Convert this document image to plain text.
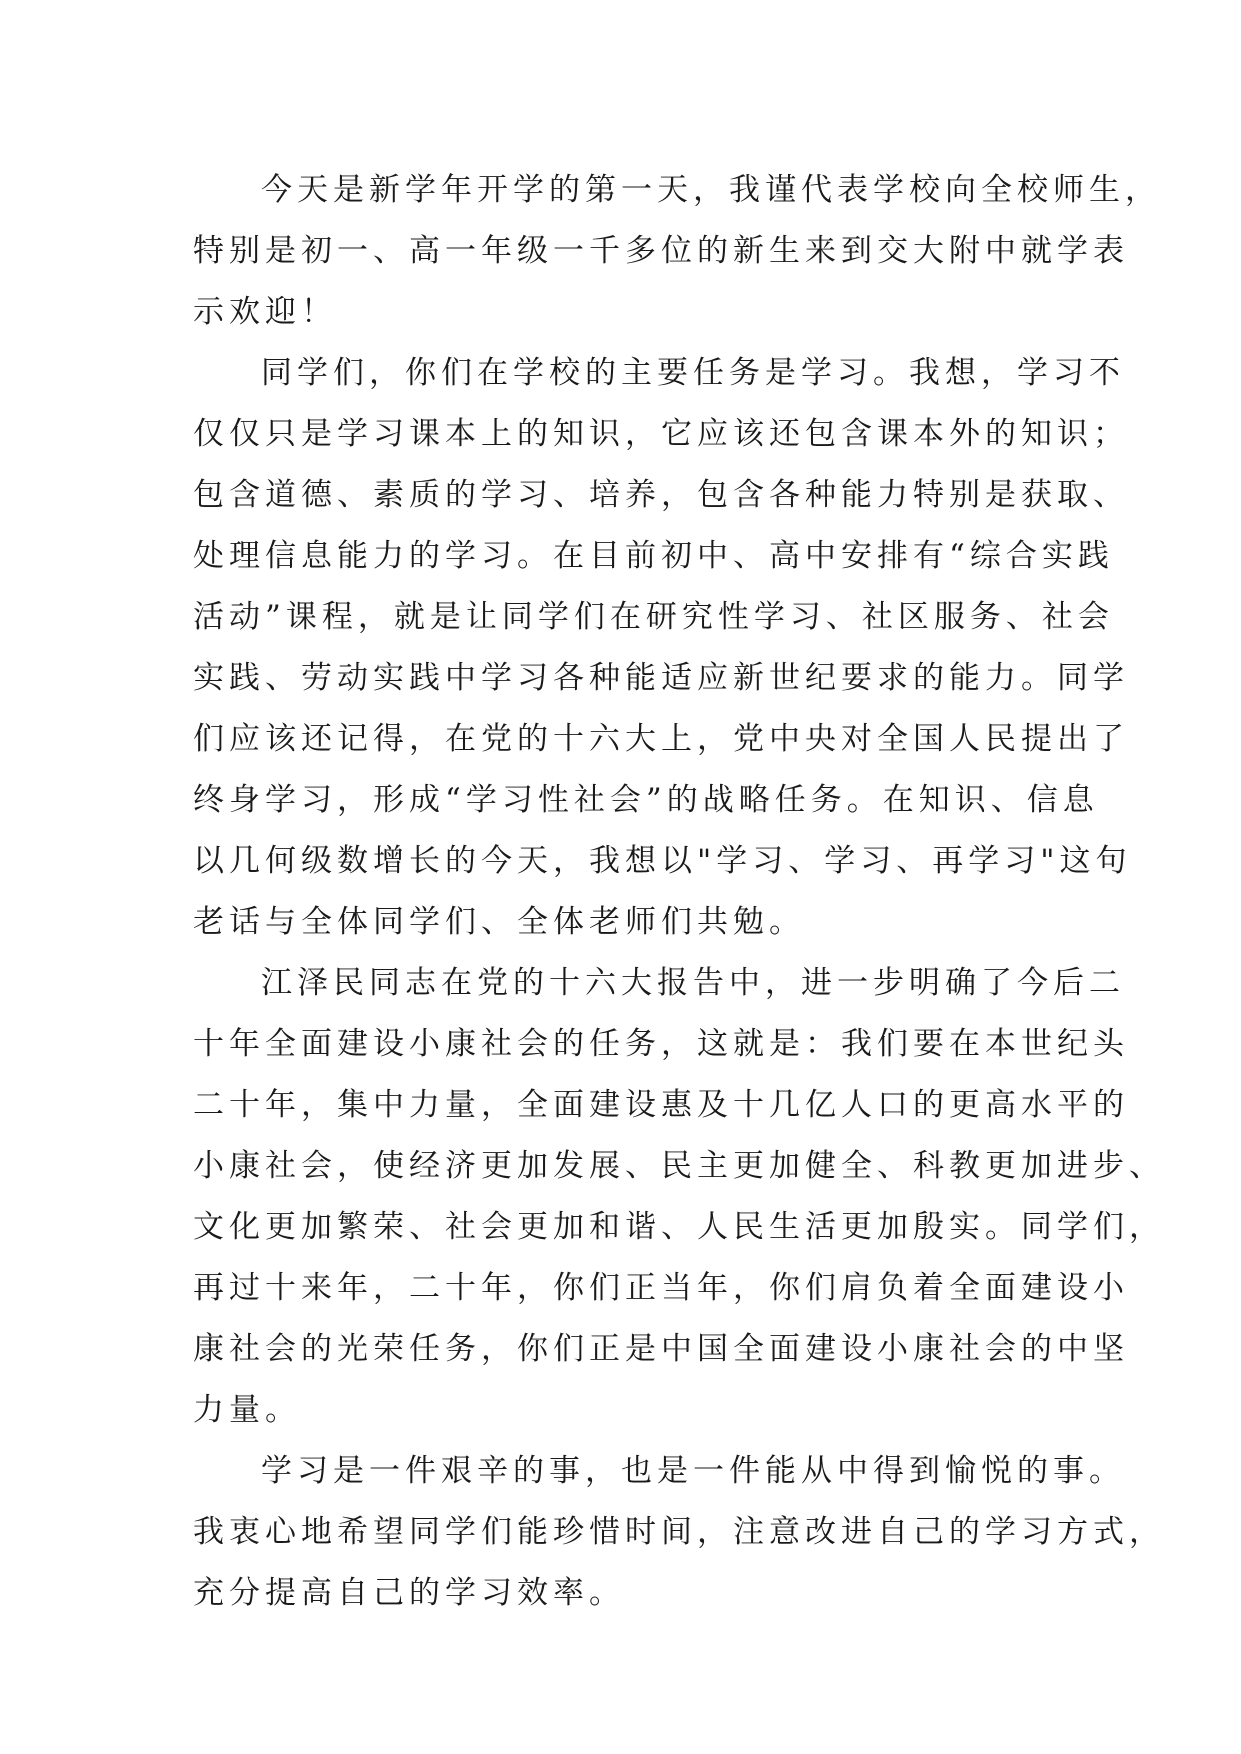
今天是新学年开学的第一天，我谨代表学校向全校师生，
特别是初一、高一年级一千多位的新生来到交大附中就学表
示欢迎！
同学们，你们在学校的主要任务是学习。我想，学习不
仅仅只是学习课本上的知识，它应该还包含课本外的知识；
包含道德、素质的学习、培养，包含各种能力特别是获取、
处理信息能力的学习。在目前初中、高中安排有“综合实践
活动”课程，就是让同学们在研究性学习、社区服务、社会
实践、劳动实践中学习各种能适应新世纪要求的能力。同学
们应该还记得，在党的十六大上，党中央对全国人民提出了
终身学习，形成“学习性社会”的战略任务。在知识、信息
以几何级数增长的今天，我想以"学习、学习、再学习"这句
老话与全体同学们、全体老师们共勉。
江泽民同志在党的十六大报告中，进一步明确了今后二
十年全面建设小康社会的任务，这就是：我们要在本世纪头
二十年，集中力量，全面建设惠及十几亿人口的更高水平的
小康社会，使经济更加发展、民主更加健全、科教更加进步、
文化更加繁荣、社会更加和谐、人民生活更加殷实。同学们，
再过十来年，二十年，你们正当年，你们肩负着全面建设小
康社会的光荣任务，你们正是中国全面建设小康社会的中坚
力量。
学习是一件艰辛的事，也是一件能从中得到愉悦的事。
我衷心地希望同学们能珍惜时间，注意改进自己的学习方式，
充分提高自己的学习效率。
